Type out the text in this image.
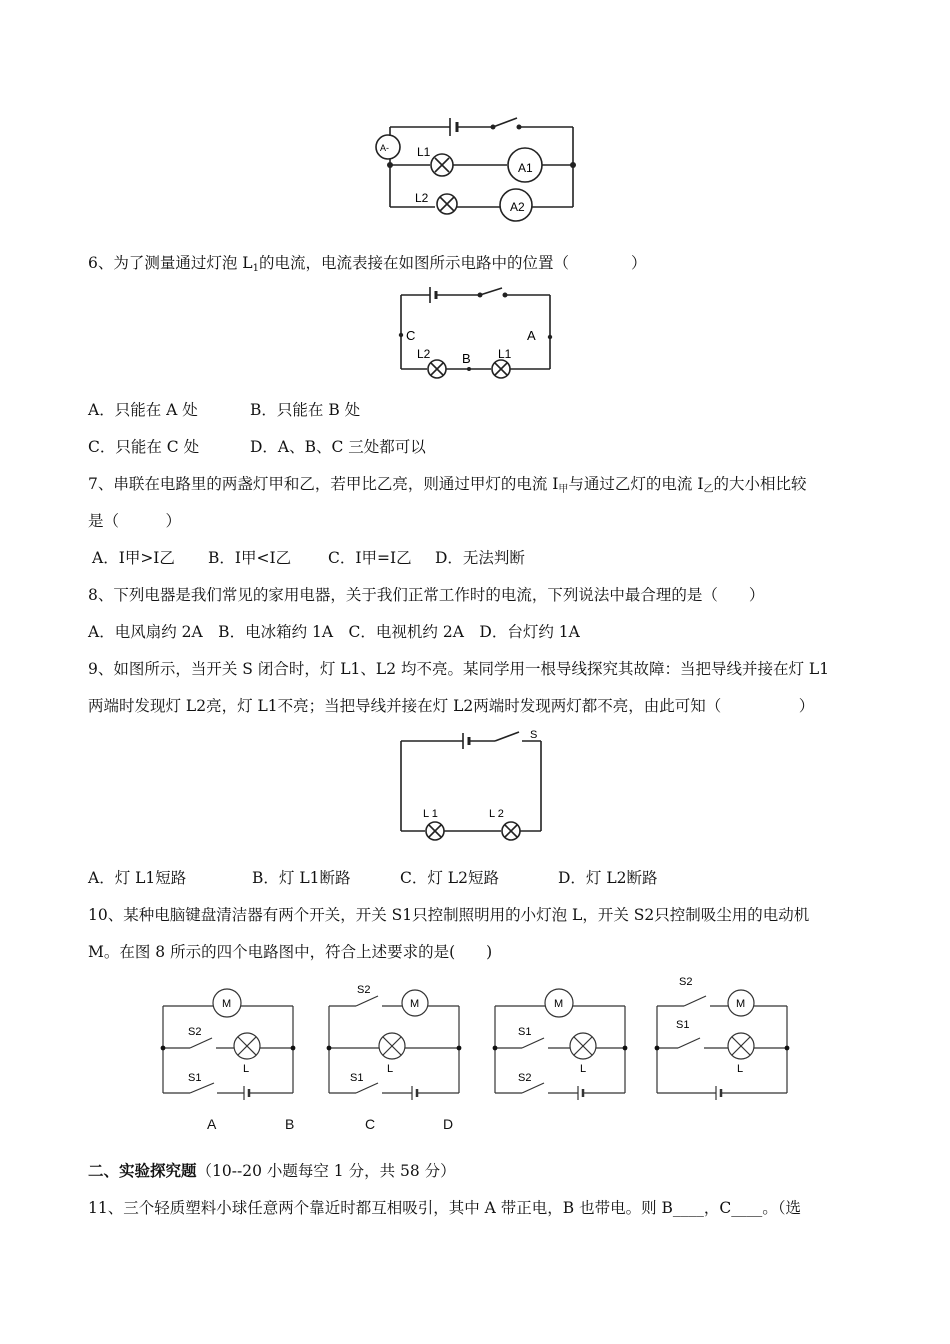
A- L1
A1
L2
A2
6、为了测量通过灯泡 $L_1$的电流，电流表接在如图所示电路中的位置（　　　　）
C	A
L2 B L1
A．只能在 A 处	B．只能在 B 处
C．只能在 C 处	D．A、B、C 三处都可以
7、串联在电路里的两盏灯甲和乙，若甲比乙亮，则通过甲灯的电流 $I_甲$与通过乙灯的电流 $I_乙$的大小相比较
是（　　　）
A．I甲>I乙 B．I甲<I乙 C．I甲=I乙 D．无法判断
8、下列电器是我们常见的家用电器，关于我们正常工作时的电流，下列说法中最合理的是（　　）
A．电风扇约 2A　B．电冰箱约 1A　C．电视机约 2A　D．台灯约 1A
9、如图所示，当开关 S 闭合时，灯 L1、L2 均不亮。某同学用一根导线探究其故障：当把导线并接在灯 L1
两端时发现灯 L2亮，灯 L1不亮；当把导线并接在灯 L2两端时发现两灯都不亮，由此可知（　　　　　）
S
L 1	L 2
A．灯 L1短路	B．灯 L1断路	C．灯 L2短路	D．灯 L2断路
10、某种电脑键盘清洁器有两个开关，开关 S1只控制照明用的小灯泡 L，开关 S2只控制吸尘用的电动机
M。在图 8 所示的四个电路图中，符合上述要求的是(　　)
M
S2
L
S1
M
S2
L
S1
M
S1
L
S2
M
S2
S1
L
A	B	C	D
二、实验探究题（10--20 小题每空 1 分，共 58 分）
11、三个轻质塑料小球任意两个靠近时都互相吸引，其中 A 带正电，B 也带电。则 B____，C____。（选
